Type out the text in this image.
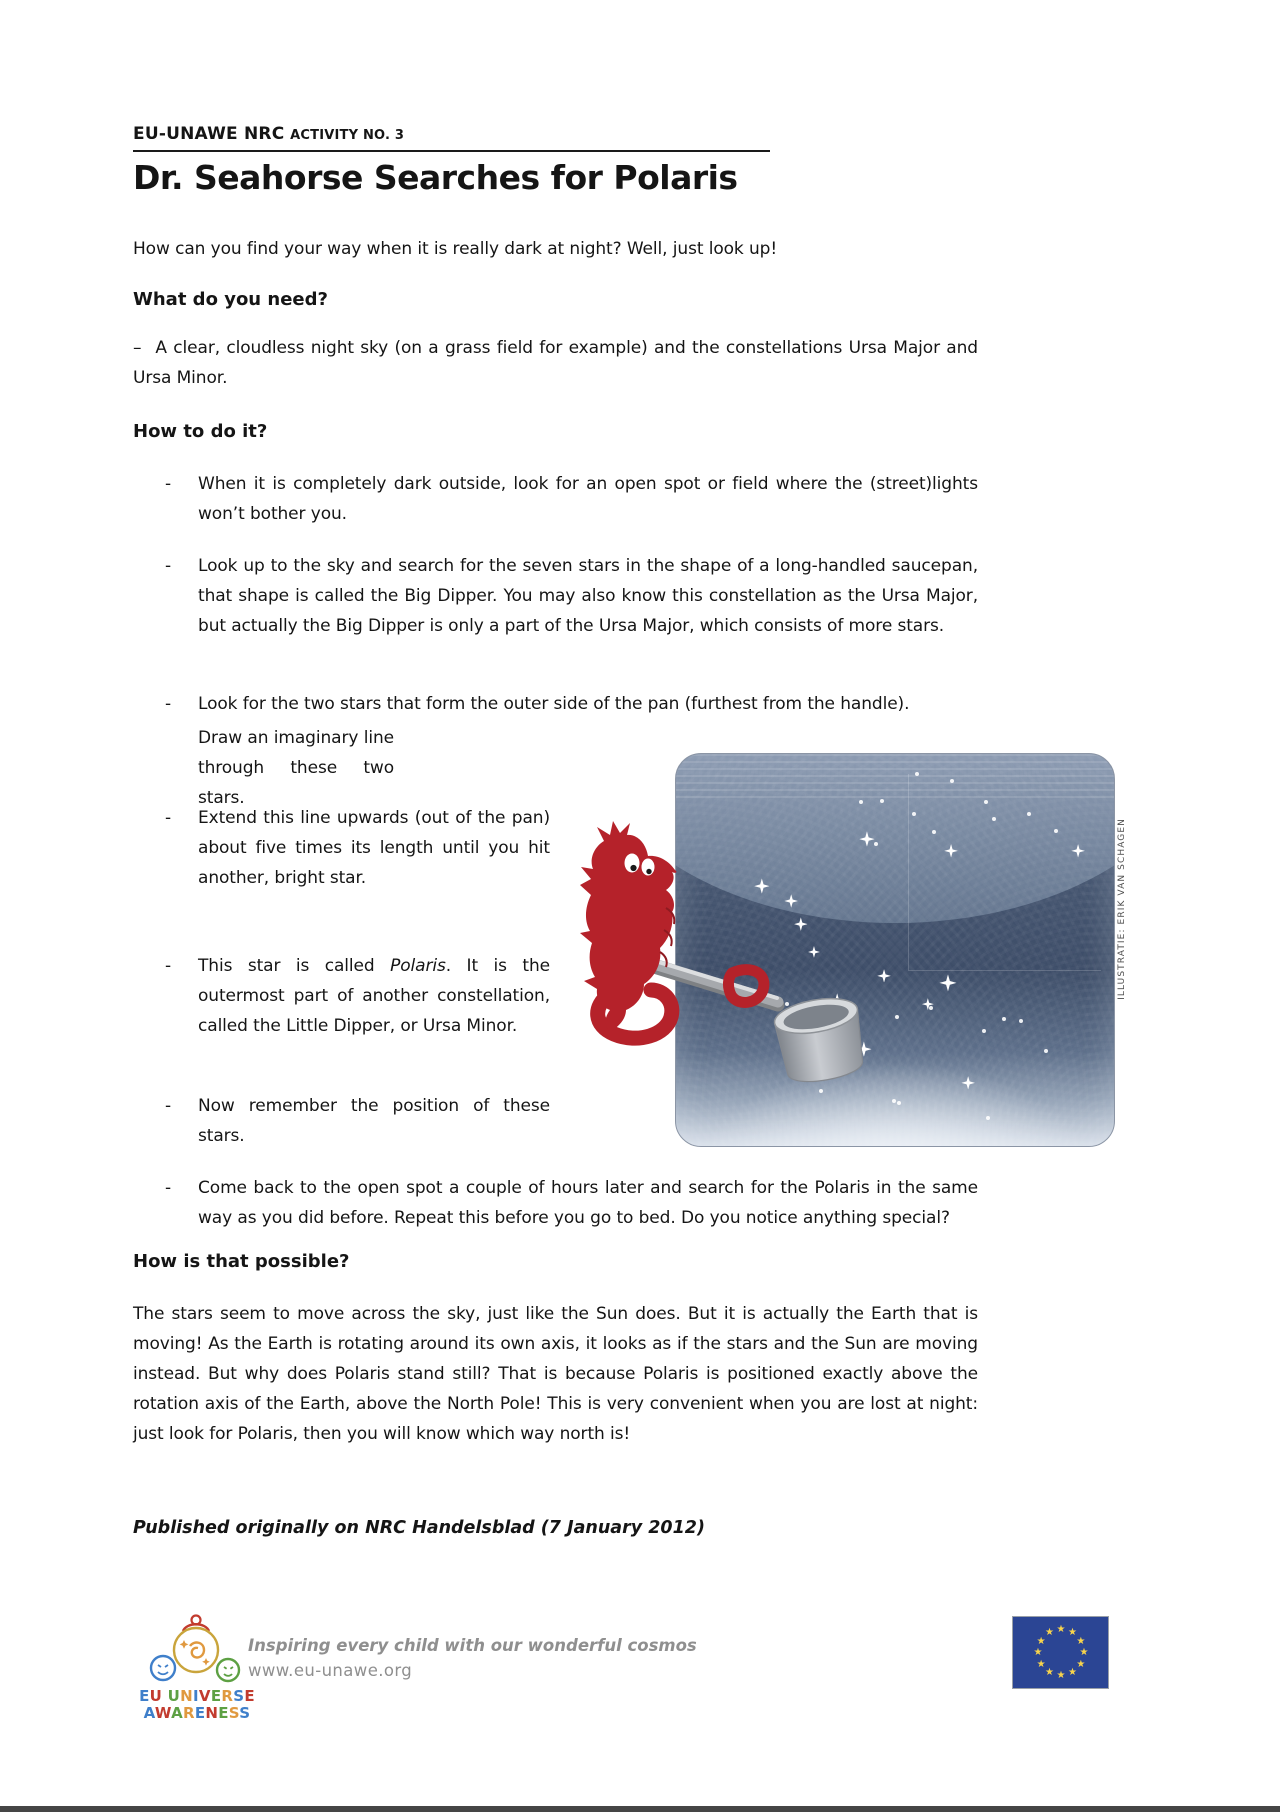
EU-UNAWE NRC ACTIVITY NO. 3
Dr. Seahorse Searches for Polaris
How can you find your way when it is really dark at night? Well, just look up!
What do you need?
– A clear, cloudless night sky (on a grass field for example) and the constellations Ursa Major and Ursa Minor.
How to do it?
-	When it is completely dark outside, look for an open spot or field where the (street)lights won’t bother you.
-	Look up to the sky and search for the seven stars in the shape of a long-handled saucepan, that shape is called the Big Dipper. You may also know this constellation as the Ursa Major, but actually the Big Dipper is only a part of the Ursa Major, which consists of more stars.
-	Look for the two stars that form the outer side of the pan (furthest from the handle).
Draw an imaginary line through these two stars.
-	Extend this line upwards (out of the pan) about five times its length until you hit another, bright star.
-	This star is called Polaris. It is the outermost part of another constellation, called the Little Dipper, or Ursa Minor.
-	Now remember the position of these stars.
-	Come back to the open spot a couple of hours later and search for the Polaris in the same way as you did before. Repeat this before you go to bed. Do you notice anything special?
ILLUSTRATIE: ERIK VAN SCHAGEN
How is that possible?
The stars seem to move across the sky, just like the Sun does. But it is actually the Earth that is moving! As the Earth is rotating around its own axis, it looks as if the stars and the Sun are moving instead. But why does Polaris stand still? That is because Polaris is positioned exactly above the rotation axis of the Earth, above the North Pole! This is very convenient when you are lost at night: just look for Polaris, then you will know which way north is!
Published originally on NRC Handelsblad (7 January 2012)
EU UNIVERSE
AWARENESS
Inspiring every child with our wonderful cosmos
www.eu-unawe.org
★ ★
★
★
★
★
★
★
★
★
★
★
